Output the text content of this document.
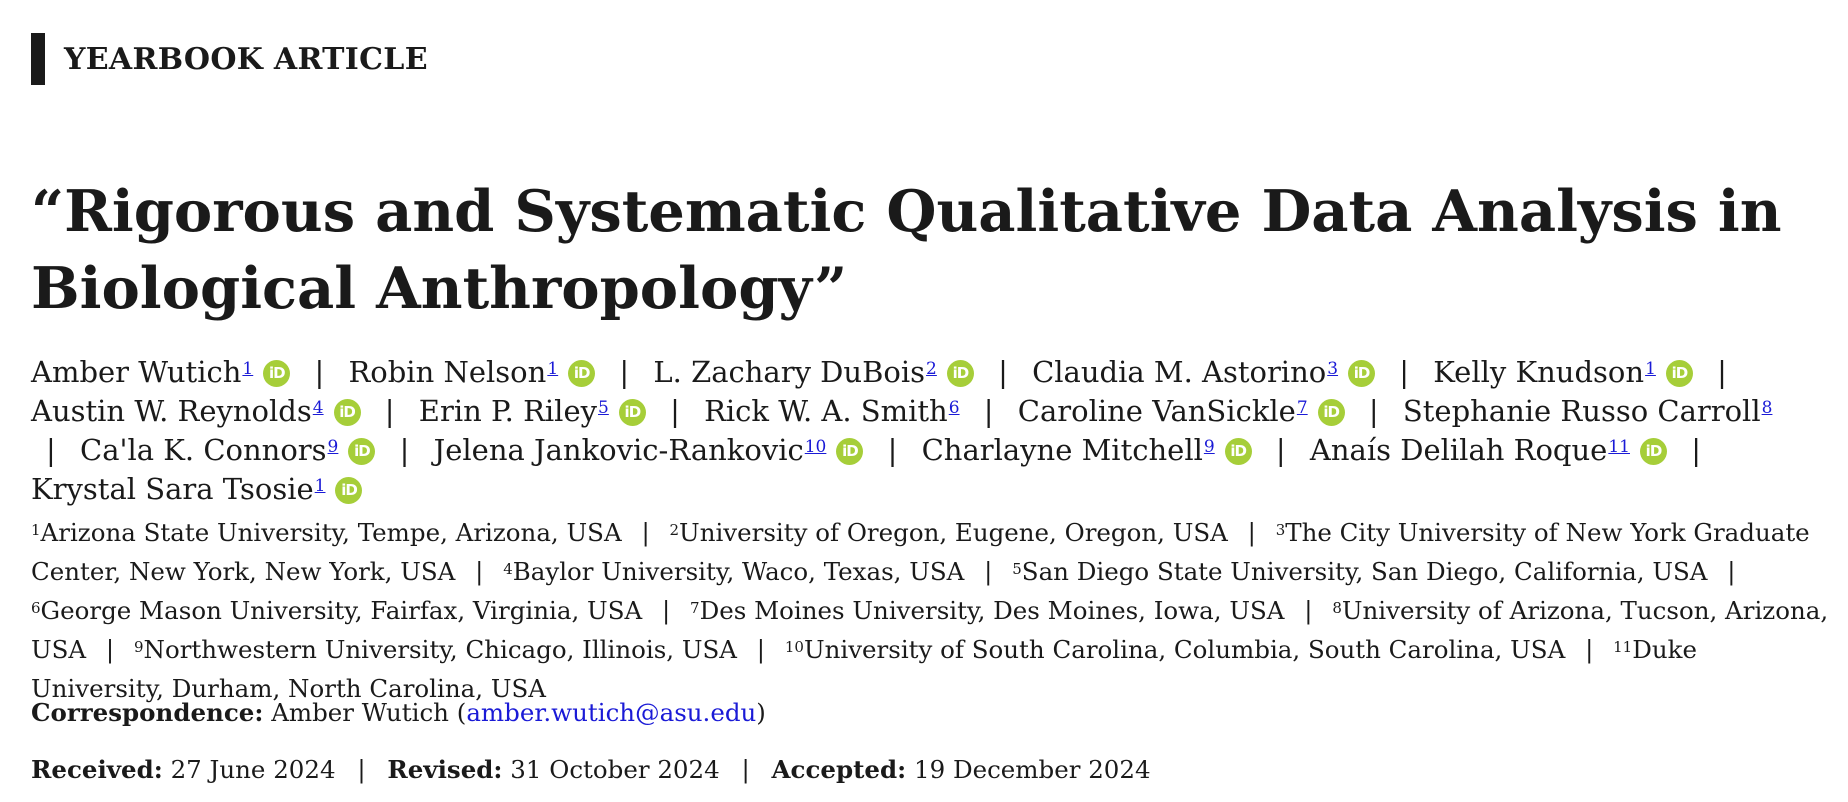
YEARBOOK ARTICLE
“Rigorous and Systematic Qualitative Data Analysis in Biological Anthropology”
Amber Wutich$^1$ iD | Robin Nelson$^1$ iD | L. Zachary DuBois$^2$ iD | Claudia M. Astorino$^3$ iD | Kelly Knudson$^1$ iD | Austin W. Reynolds$^4$ iD | Erin P. Riley$^5$ iD | Rick W. A. Smith$^6$ | Caroline VanSickle$^7$ iD | Stephanie Russo Carroll$^8$ | Ca'la K. Connors$^9$ iD | Jelena Jankovic-Rankovic$^{10}$ iD | Charlayne Mitchell$^9$ iD | Anaís Delilah Roque$^{11}$ iD | Krystal Sara Tsosie$^1$ iD
$^1$Arizona State University, Tempe, Arizona, USA | $^2$University of Oregon, Eugene, Oregon, USA | $^3$The City University of New York Graduate Center, New York, New York, USA | $^4$Baylor University, Waco, Texas, USA | $^5$San Diego State University, San Diego, California, USA | $^6$George Mason University, Fairfax, Virginia, USA | $^7$Des Moines University, Des Moines, Iowa, USA | $^8$University of Arizona, Tucson, Arizona, USA | $^9$Northwestern University, Chicago, Illinois, USA | $^{10}$University of South Carolina, Columbia, South Carolina, USA | $^{11}$Duke University, Durham, North Carolina, USA
Correspondence: Amber Wutich (amber.wutich@asu.edu)
Received: 27 June 2024 | Revised: 31 October 2024 | Accepted: 19 December 2024
